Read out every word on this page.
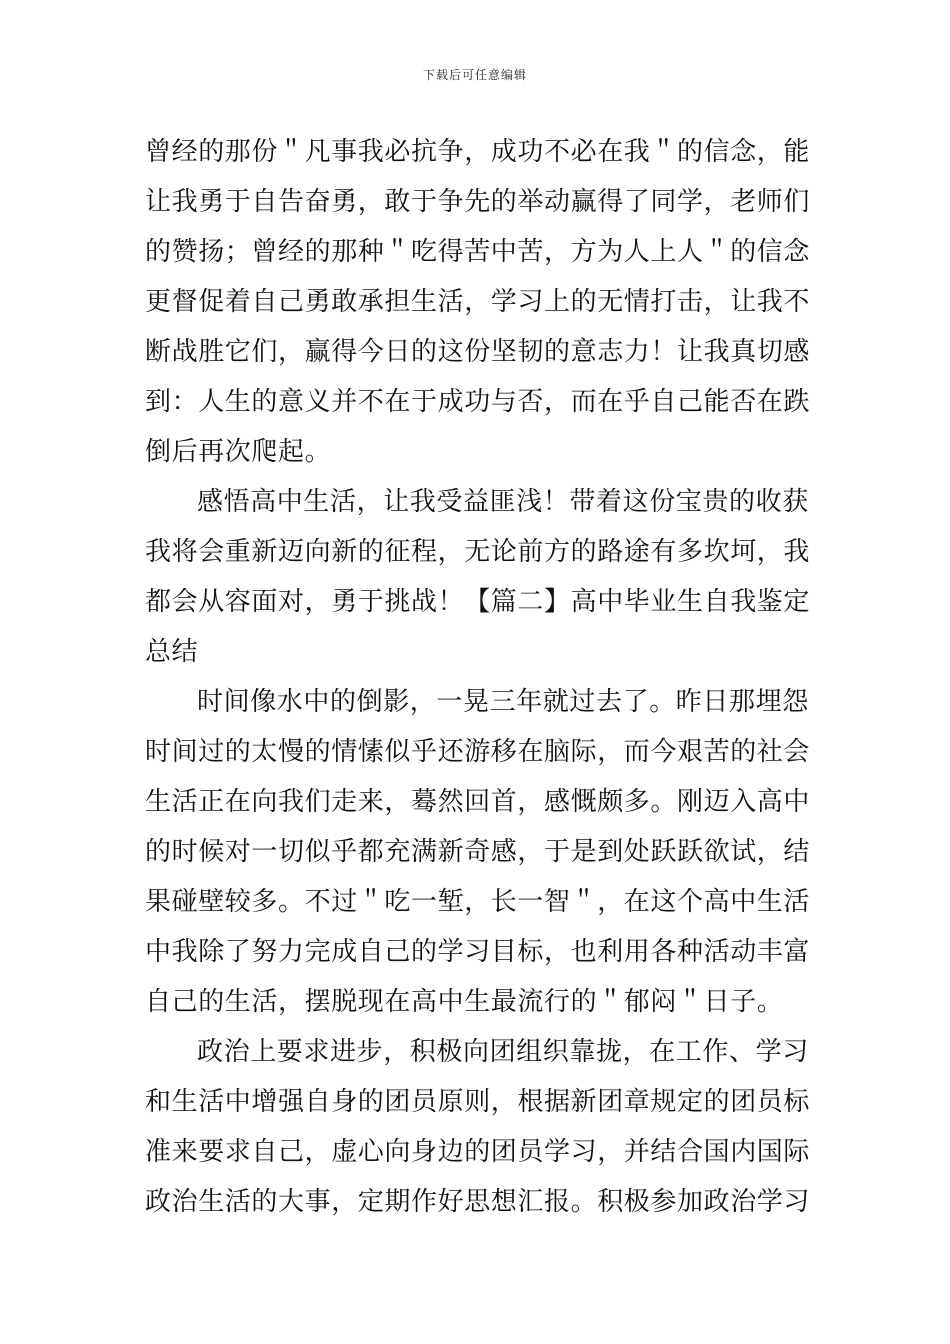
下载后可任意编辑
曾经的那份＂凡事我必抗争，成功不必在我＂的信念，能
让我勇于自告奋勇，敢于争先的举动赢得了同学，老师们
的赞扬；曾经的那种＂吃得苦中苦，方为人上人＂的信念
更督促着自己勇敢承担生活，学习上的无情打击，让我不
断战胜它们，赢得今日的这份坚韧的意志力！让我真切感
到：人生的意义并不在于成功与否，而在乎自己能否在跌
倒后再次爬起。
感悟高中生活，让我受益匪浅！带着这份宝贵的收获
我将会重新迈向新的征程，无论前方的路途有多坎坷，我
都会从容面对，勇于挑战！【篇二】高中毕业生自我鉴定
总结
时间像水中的倒影，一晃三年就过去了。昨日那埋怨
时间过的太慢的情愫似乎还游移在脑际，而今艰苦的社会
生活正在向我们走来，蓦然回首，感慨颇多。刚迈入高中
的时候对一切似乎都充满新奇感，于是到处跃跃欲试，结
果碰壁较多。不过＂吃一堑，长一智＂，在这个高中生活
中我除了努力完成自己的学习目标，也利用各种活动丰富
自己的生活，摆脱现在高中生最流行的＂郁闷＂日子。
政治上要求进步，积极向团组织靠拢，在工作、学习
和生活中增强自身的团员原则，根据新团章规定的团员标
准来要求自己，虚心向身边的团员学习，并结合国内国际
政治生活的大事，定期作好思想汇报。积极参加政治学习
